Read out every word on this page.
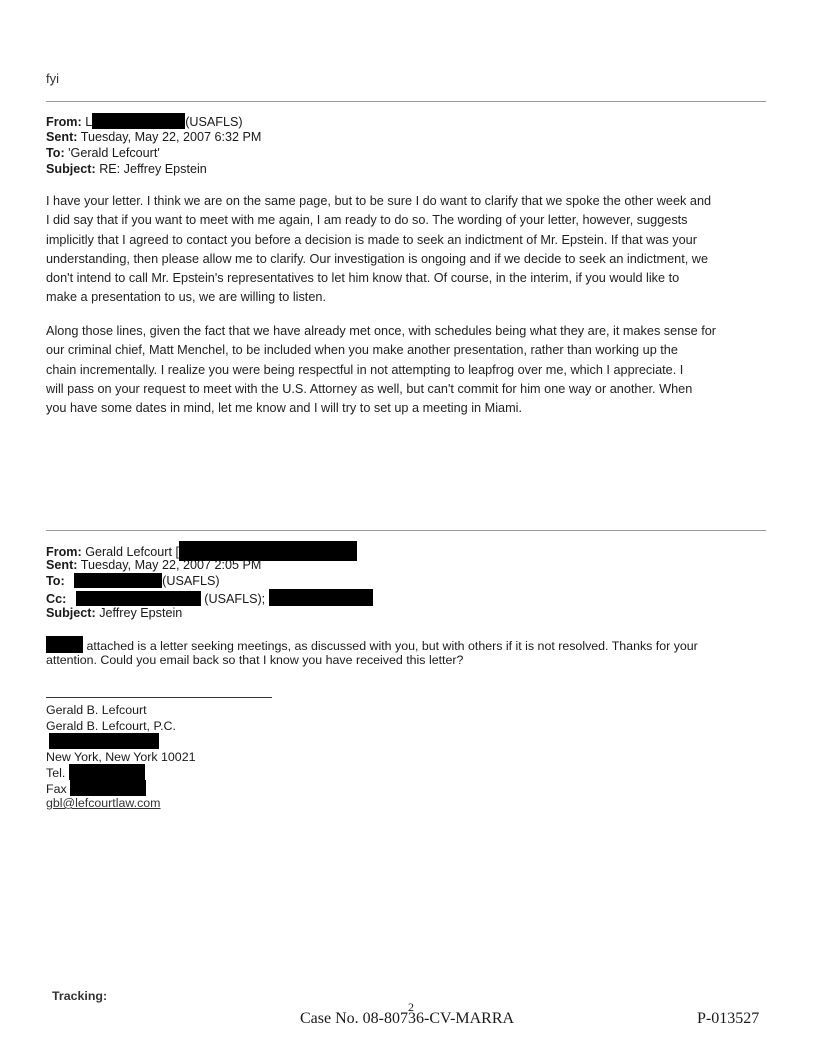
fyi
From: L	(USAFLS)
Sent: Tuesday, May 22, 2007 6:32 PM
To: 'Gerald Lefcourt'
Subject: RE: Jeffrey Epstein
I have your letter. I think we are on the same page, but to be sure I do want to clarify that we spoke the other week and
I did say that if you want to meet with me again, I am ready to do so. The wording of your letter, however, suggests
implicitly that I agreed to contact you before a decision is made to seek an indictment of Mr. Epstein. If that was your
understanding, then please allow me to clarify. Our investigation is ongoing and if we decide to seek an indictment, we
don't intend to call Mr. Epstein's representatives to let him know that. Of course, in the interim, if you would like to
make a presentation to us, we are willing to listen.
Along those lines, given the fact that we have already met once, with schedules being what they are, it makes sense for
our criminal chief, Matt Menchel, to be included when you make another presentation, rather than working up the
chain incrementally. I realize you were being respectful in not attempting to leapfrog over me, which I appreciate. I
will pass on your request to meet with the U.S. Attorney as well, but can't commit for him one way or another. When
you have some dates in mind, let me know and I will try to set up a meeting in Miami.
From: Gerald Lefcourt [
Sent: Tuesday, May 22, 2007 2:05 PM
To:	(USAFLS)
Cc:	(USAFLS);
Subject: Jeffrey Epstein
attached is a letter seeking meetings, as discussed with you, but with others if it is not resolved. Thanks for your
attention. Could you email back so that I know you have received this letter?
Gerald B. Lefcourt
Gerald B. Lefcourt, P.C.
New York, New York 10021
Tel.
Fax
gbl@lefcourtlaw.com
Tracking:
2
Case No. 08-80736-CV-MARRA	P-013527
